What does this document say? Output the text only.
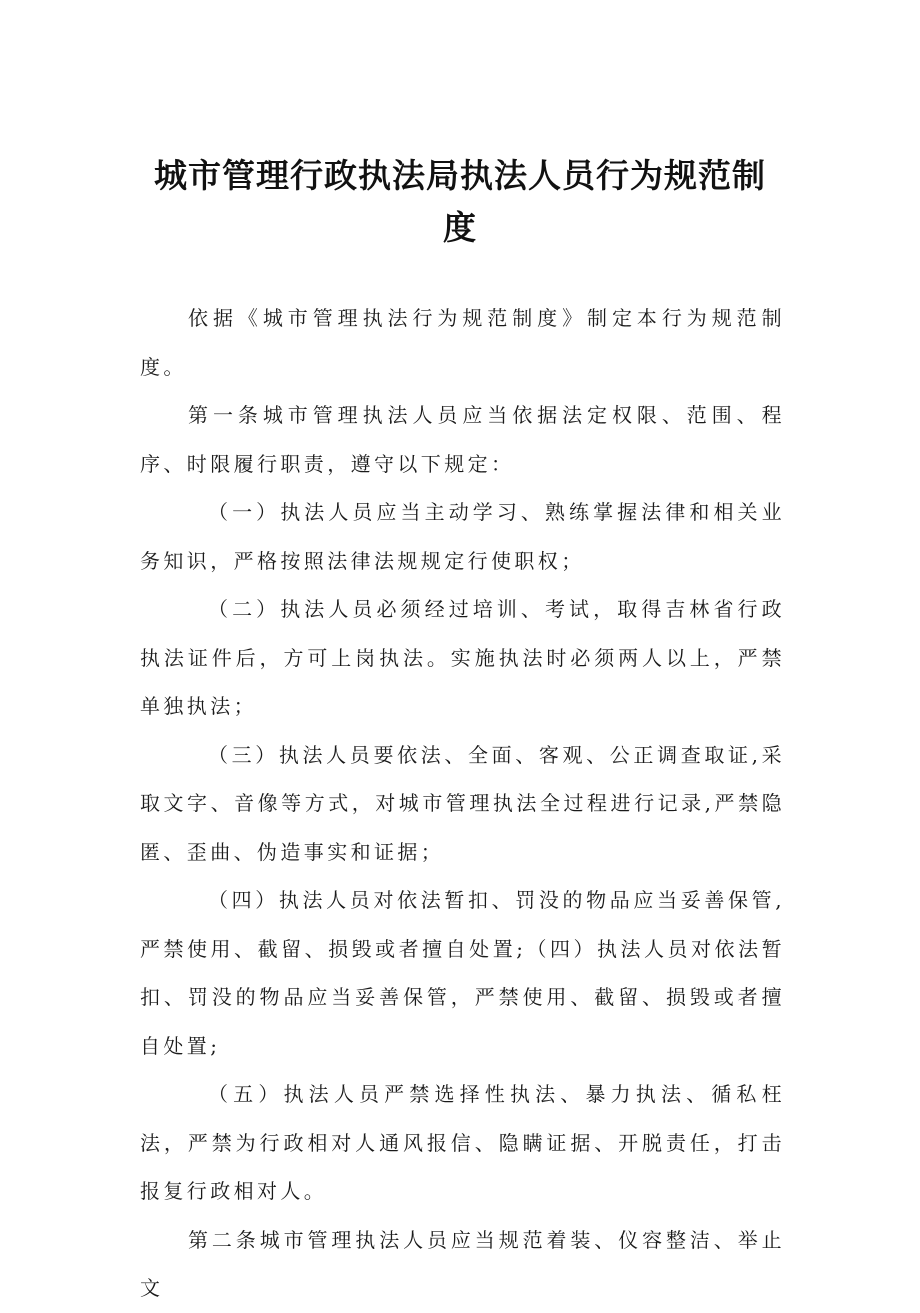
城市管理行政执法局执法人员行为规范制度

依据《城市管理执法行为规范制度》制定本行为规范制度。

第一条城市管理执法人员应当依据法定权限、范围、程序、时限履行职责，遵守以下规定：

（一）执法人员应当主动学习、熟练掌握法律和相关业务知识，严格按照法律法规规定行使职权；

（二）执法人员必须经过培训、考试，取得吉林省行政执法证件后，方可上岗执法。实施执法时必须两人以上，严禁单独执法；

（三）执法人员要依法、全面、客观、公正调查取证,采取文字、音像等方式，对城市管理执法全过程进行记录,严禁隐匿、歪曲、伪造事实和证据；

（四）执法人员对依法暂扣、罚没的物品应当妥善保管,严禁使用、截留、损毁或者擅自处置;（四）执法人员对依法暂扣、罚没的物品应当妥善保管，严禁使用、截留、损毁或者擅自处置;

（五）执法人员严禁选择性执法、暴力执法、循私枉法，严禁为行政相对人通风报信、隐瞒证据、开脱责任，打击报复行政相对人。

第二条城市管理执法人员应当规范着装、仪容整洁、举止文
